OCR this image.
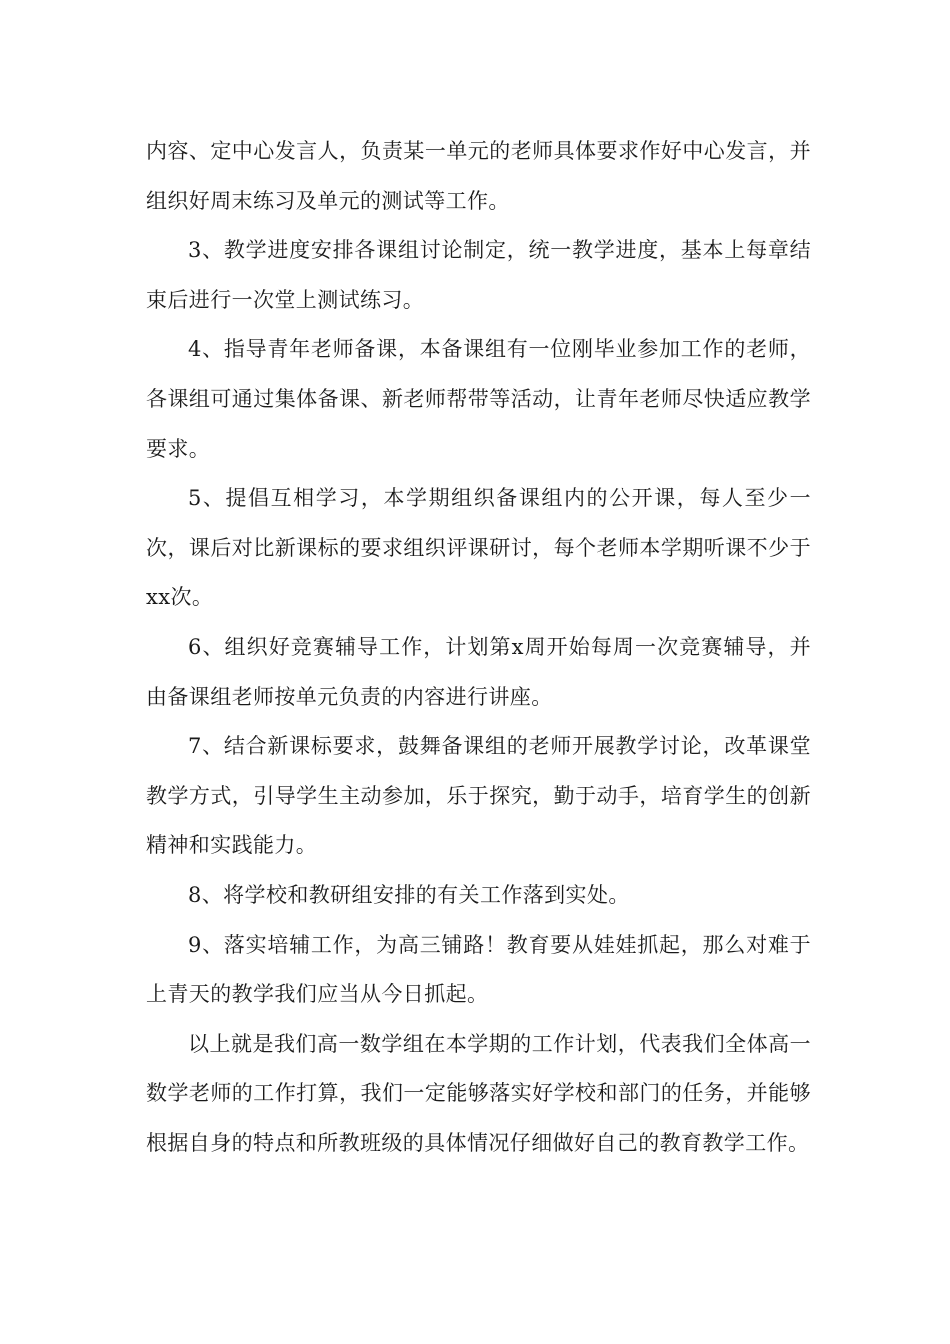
内容、定中心发言人，负责某一单元的老师具体要求作好中心发言，并组织好周末练习及单元的测试等工作。

3、教学进度安排各课组讨论制定，统一教学进度，基本上每章结束后进行一次堂上测试练习。

4、指导青年老师备课，本备课组有一位刚毕业参加工作的老师，各课组可通过集体备课、新老师帮带等活动，让青年老师尽快适应教学要求。

5、提倡互相学习，本学期组织备课组内的公开课，每人至少一次，课后对比新课标的要求组织评课研讨，每个老师本学期听课不少于xx次。

6、组织好竞赛辅导工作，计划第x周开始每周一次竞赛辅导，并由备课组老师按单元负责的内容进行讲座。

7、结合新课标要求，鼓舞备课组的老师开展教学讨论，改革课堂教学方式，引导学生主动参加，乐于探究，勤于动手，培育学生的创新精神和实践能力。

8、将学校和教研组安排的有关工作落到实处。

9、落实培辅工作，为高三铺路！教育要从娃娃抓起，那么对难于上青天的教学我们应当从今日抓起。

以上就是我们高一数学组在本学期的工作计划，代表我们全体高一数学老师的工作打算，我们一定能够落实好学校和部门的任务，并能够根据自身的特点和所教班级的具体情况仔细做好自己的教育教学工作。
